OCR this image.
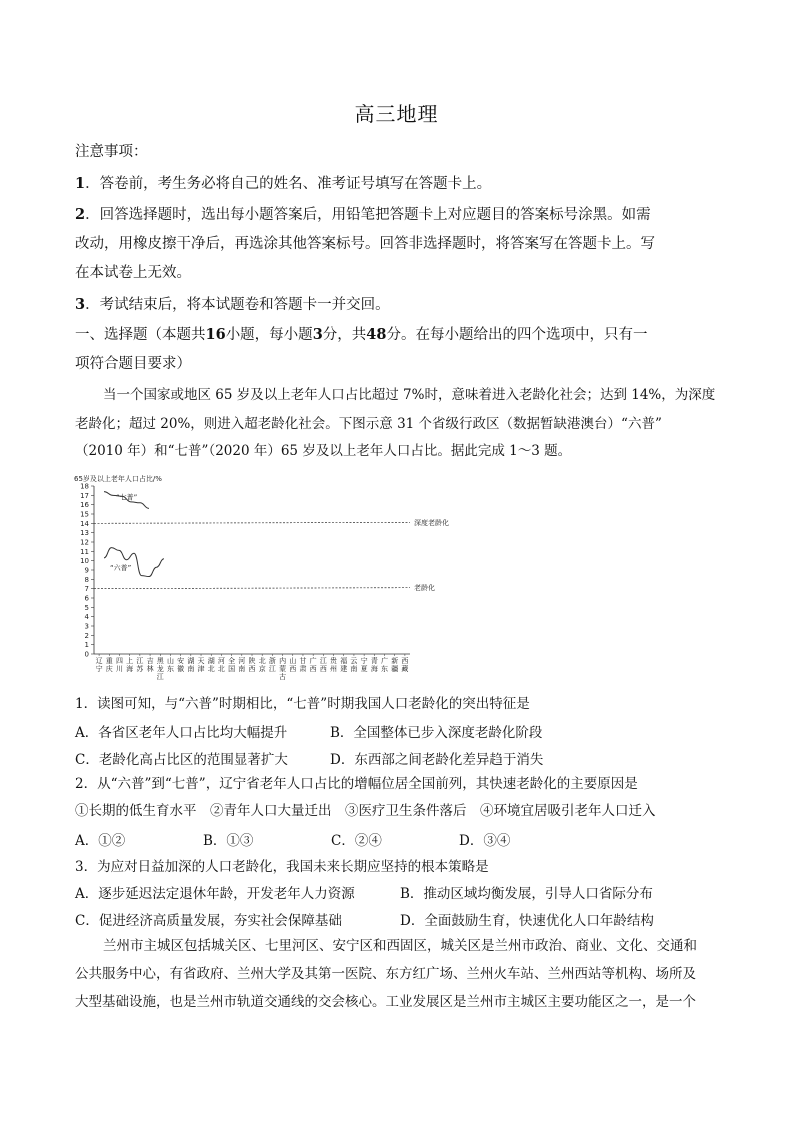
高三地理
注意事项：
1．答卷前，考生务必将自己的姓名、准考证号填写在答题卡上。
2．回答选择题时，选出每小题答案后，用铅笔把答题卡上对应题目的答案标号涂黑。如需
改动，用橡皮擦干净后，再选涂其他答案标号。回答非选择题时，将答案写在答题卡上。写
在本试卷上无效。
3．考试结束后，将本试题卷和答题卡一并交回。
一、选择题（本题共16小题，每小题3分，共48分。在每小题给出的四个选项中，只有一
项符合题目要求）
当一个国家或地区 65 岁及以上老年人口占比超过 7%时，意味着进入老龄化社会；达到 14%，为深度
老龄化；超过 20%，则进入超老龄化社会。下图示意 31 个省级行政区（数据暂缺港澳台）“六普”
（2010 年）和“七普”（2020 年）65 岁及以上老年人口占比。据此完成 1～3 题。
65岁及以上老年人口占比/%
0
1
2
3
4
5
6
7
8
9
10
11
12
13
14
15
16
17
18
深度老龄化
老龄化
“七普”
“六普”
辽
宁
重
庆
四
川
上
海
江
苏
吉
林
黑
龙
江
山
东
安
徽
湖
南
天
津
湖
北
河
北
全
国
河
南
陕
西
北
京
浙
江
内
蒙
古
山
西
甘
肃
广
西
江
西
贵
州
福
建
云
南
宁
夏
青
海
广
东
新
疆
西
藏
1．读图可知，与“六普”时期相比，“七普”时期我国人口老龄化的突出特征是
A．各省区老年人口占比均大幅提升	B．全国整体已步入深度老龄化阶段
C．老龄化高占比区的范围显著扩大	D．东西部之间老龄化差异趋于消失
2．从“六普”到“七普”，辽宁省老年人口占比的增幅位居全国前列，其快速老龄化的主要原因是
①长期的低生育水平　②青年人口大量迁出　③医疗卫生条件落后　④环境宜居吸引老年人口迁入
A．①②	B．①③	C．②④	D．③④
3．为应对日益加深的人口老龄化，我国未来长期应坚持的根本策略是
A．逐步延迟法定退休年龄，开发老年人力资源	B．推动区域均衡发展，引导人口省际分布
C．促进经济高质量发展，夯实社会保障基础	D．全面鼓励生育，快速优化人口年龄结构
兰州市主城区包括城关区、七里河区、安宁区和西固区，城关区是兰州市政治、商业、文化、交通和
公共服务中心，有省政府、兰州大学及其第一医院、东方红广场、兰州火车站、兰州西站等机构、场所及
大型基础设施，也是兰州市轨道交通线的交会核心。工业发展区是兰州市主城区主要功能区之一，是一个
